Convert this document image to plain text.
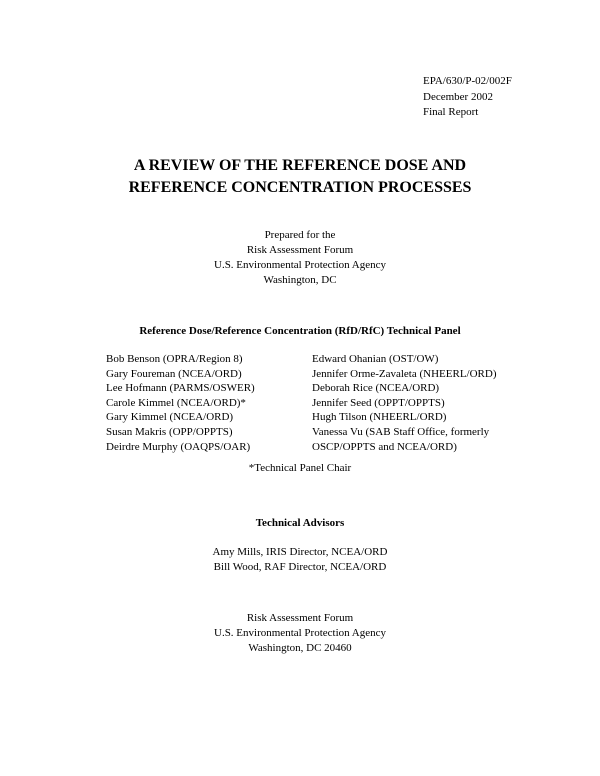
EPA/630/P-02/002F
December 2002
Final Report
A REVIEW OF THE REFERENCE DOSE AND
REFERENCE CONCENTRATION PROCESSES
Prepared for the
Risk Assessment Forum
U.S. Environmental Protection Agency
Washington, DC
Reference Dose/Reference Concentration (RfD/RfC) Technical Panel
Bob Benson (OPRA/Region 8)
Gary Foureman (NCEA/ORD)
Lee Hofmann (PARMS/OSWER)
Carole Kimmel (NCEA/ORD)*
Gary Kimmel (NCEA/ORD)
Susan Makris (OPP/OPPTS)
Deirdre Murphy (OAQPS/OAR)
Edward Ohanian (OST/OW)
Jennifer Orme-Zavaleta (NHEERL/ORD)
Deborah Rice (NCEA/ORD)
Jennifer Seed (OPPT/OPPTS)
Hugh Tilson (NHEERL/ORD)
Vanessa Vu (SAB Staff Office, formerly
OSCP/OPPTS and NCEA/ORD)
*Technical Panel Chair
Technical Advisors
Amy Mills, IRIS Director, NCEA/ORD
Bill Wood, RAF Director, NCEA/ORD
Risk Assessment Forum
U.S. Environmental Protection Agency
Washington, DC 20460
